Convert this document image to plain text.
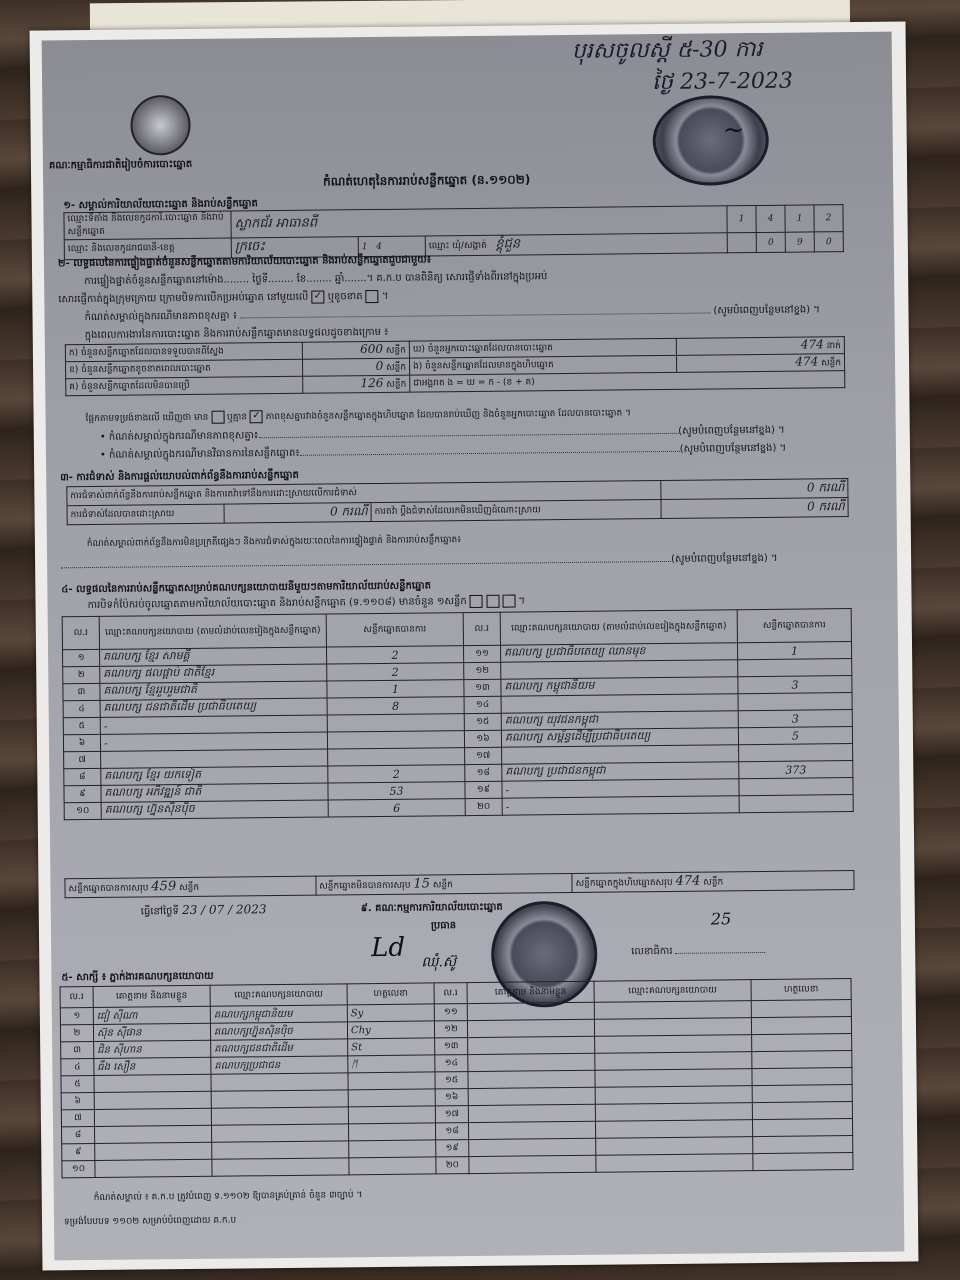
បុរសចូលស្ដី ៥-30 ការ
ថ្ងៃ 23-7-2023
~
គណៈកម្មាធិការជាតិរៀបចំការបោះឆ្នោត
កំណត់ហេតុនៃការរាប់សន្លឹកឆ្នោត (ន.១១០២)
១- សម្គាល់ការិយាល័យបោះឆ្នោត និងរាប់សន្លឹកឆ្នោត
ឈ្មោះទីតាំង និងលេខកូដការិ.បោះឆ្នោត និងរាប់សន្លឹកឆ្នោត	ស្លាកជ័រ អាធានពី			1	4	1	2
ឈ្មោះ និងលេខកូដរាជធានី-ខេត្ត	ក្រចេះ	1 4	ឈ្មោះ ឃុំ/សង្កាត់ ខ្ពុំជួន		0	9	0
២- លទ្ធផលនៃការផ្ទៀងផ្ទាត់ចំនួនសន្លឹកឆ្នោតតាមការិយាល័យបោះឆ្នោត និងរាប់សន្លឹកឆ្នោតជួបជាមួយ៖
ការផ្ទៀងផ្ទាត់ចំនួនសន្លឹកឆ្នោតនៅម៉ោង........ ថ្ងៃទី........ ខែ........ ឆ្នាំ.......។ គ.ក.ប បានពិនិត្យ សោរផ្ញើទាំងពីរនៅក្នុងប្រអប់
សោរផ្ញើកាត់ក្នុងក្រុមក្រោយ ក្រោមបិទការបើកប្រអប់ឆ្នោត នៅមួយលើ ✓ ឬខូចខាត  ។
កំណត់សម្គាល់ក្នុងករណីមានភាពខុសគ្នា ៖  (សូមបំពេញបន្ថែមនៅខ្នង) ។
ក្នុងពេលការងារនៃការបោះឆ្នោត និងការរាប់សន្លឹកឆ្នោតមានលទ្ធផលដូចខាងក្រោម ៖
ក) ចំនួនសន្លឹកឆ្នោតដែលបានទទួលបានពីស្ទែង	600 សន្លឹក	ឃ) ចំនួនអ្នកបោះឆ្នោតដែលបានបោះឆ្នោត	474 នាក់
ខ) ចំនួនសន្លឹកឆ្នោតខូចខាតពេលបោះឆ្នោត	0 សន្លឹក	ង) ចំនួនសន្លឹកឆ្នោតដែលមានក្នុងហិបឆ្នោត	474 សន្លឹក
គ) ចំនួនសន្លឹកឆ្នោតដែលមិនបានប្រើ	126 សន្លឹក	ជាអង្គរាត ង = ឃ = ក - (ខ + គ)	
ផ្អែកតាមទម្រង់ខាងលើ ឃើញថា មាន ឬគ្មាន ✓ ភាពខុសគ្នារវាងចំនួនសន្លឹកឆ្នោតក្នុងហិបឆ្នោត ដែលបានរាប់ឃើញ និងចំនួនអ្នកបោះឆ្នោត ដែលបានបោះឆ្នោត ។
• កំណត់សម្គាល់ក្នុងករណីមានភាពខុសគ្នា៖	(សូមបំពេញបន្ថែមនៅខ្នង) ។
• កំណត់សម្គាល់ក្នុងករណីមានវិធានការនៃសន្លឹកឆ្នោត៖	(សូមបំពេញបន្ថែមនៅខ្នង) ។
៣- ការជំទាស់ និងការផ្ដល់យោបល់ពាក់ព័ន្ធនឹងការរាប់សន្លឹកឆ្នោត
ការជំទាស់ពាក់ព័ន្ធនឹងការរាប់សន្លឹកឆ្នោត និងការតវ៉ាទៅនឹងការដោះស្រាយលើការជំទាស់			0 ករណី
ការជំទាស់ដែលបានដោះស្រាយ	0 ករណី	ការតវ៉ា ប្ដឹងជំទាស់ដែលរកមិនឃើញដំណោះស្រាយ	0 ករណី
កំណត់សម្គាល់ពាក់ព័ន្ធនឹងការមិនប្រក្រតីផ្សេងៗ និងការជំទាស់ក្នុងរយៈពេលនៃការផ្ទៀងផ្ទាត់ និងការរាប់សន្លឹកឆ្នោត៖
(សូមបំពេញបន្ថែមនៅខ្នង) ។
៤- លទ្ធផលនៃការរាប់សន្លឹកឆ្នោតសម្រាប់គណបក្សនយោបាយនីមួយៗតាមការិយាល័យរាប់សន្លឹកឆ្នោត
ការបិទកំប៉ែករប់ចូលឆ្នោតតាមការិយាល័យបោះឆ្នោត និងរាប់សន្លឹកឆ្នោត (ទ.១១០៨) មានចំនួន ១សន្លឹក	។
ល.រ	ឈ្មោះគណបក្សនយោបាយ (តាមលំដាប់លេខរៀងក្នុងសន្លឹកឆ្នោត)	សន្លឹកឆ្នោតបានការ	ល.រ	ឈ្មោះគណបក្សនយោបាយ (តាមលំដាប់លេខរៀងក្នុងសន្លឹកឆ្នោត)	សន្លឹកឆ្នោតបានការ
១	គណបក្ស ខ្មែរ សាមគ្គី	2	១១	គណបក្ស ប្រជាធិបតេយ្យ ឈានមុខ	1
២	គណបក្ស ផលផ្ដាប់ ជាតិខ្មែរ	2	១២		
៣	គណបក្ស ខ្មែររួបរួមជាតិ	1	១៣	គណបក្ស កម្ពុជានិយម	3
៤	គណបក្ស ជនជាតិដើម ប្រជាធិបតេយ្យ	8	១៤		
៥	-		១៥	គណបក្ស យុវជនកម្ពុជា	3
៦	-		១៦	គណបក្ស សម្ព័ន្ធដើម្បីប្រជាធិបតេយ្យ	5
៧			១៧		
៨	គណបក្ស ខ្មែរ យកទៀត	2	១៨	គណបក្ស ប្រជាជនកម្ពុជា	373
៩	គណបក្ស អភិវឌ្ឍន៍ ជាតិ	53	១៩	-	
១០	គណបក្ស ហ្វ៊ុនស៊ិនប៉ិច	6	២០	-	
សន្លឹកឆ្នោតបានការសរុប 459 សន្លឹក	សន្លឹកឆ្នោតមិនបានការសរុប 15 សន្លឹក	សន្លឹកឆ្នោតក្នុងហិបឆ្នោតសរុប 474 សន្លឹក
ធ្វើនៅថ្ងៃទី 23 / 07 / 2023	៩. គណៈកម្មការការិយាល័យបោះឆ្នោត
ប្រធាន
Ld ឈុំ.ស៊ូ
លេខាធិការ
25
៥- សាក្សី ៖ ភ្នាក់ងារគណបក្សនយោបាយ
ល.រ	គោត្តនាម និងនាមខ្លួន	ឈ្មោះគណបក្សនយោបាយ	ហត្ថលេខា	ល.រ	គោត្តនាម និងនាមខ្លួន	ឈ្មោះគណបក្សនយោបាយ	ហត្ថលេខា
១	ជៀ ស៊ីណា	គណបក្សកម្ពុជានិយម	Sy	១១			
២	ស៊ុន ស៊ីផាន	គណបក្សហ្វ៊ុនស៊ិនប៉ិច	Chy	១២			
៣	ជិន ស៊ីហាន	គណបក្សជនជាតិដើម	St	១៣			
៤	ធឹង សឿន	គណបក្សប្រជាជន	ᛗ	១៤			
៥				១៥			
៦				១៦			
៧				១៧			
៨				១៨			
៩				១៩			
១០				២០			
កំណត់សម្គាល់ ៖ គ.ក.ប ត្រូវបំពេញ ទ.១១០២ ឱ្យបានគ្រប់គ្រាន់ ចំនួន ៣ច្បាប់ ។
ទម្រង់បែបបទ ១១០២ សម្រាប់បំពេញដោយ គ.ក.ប
